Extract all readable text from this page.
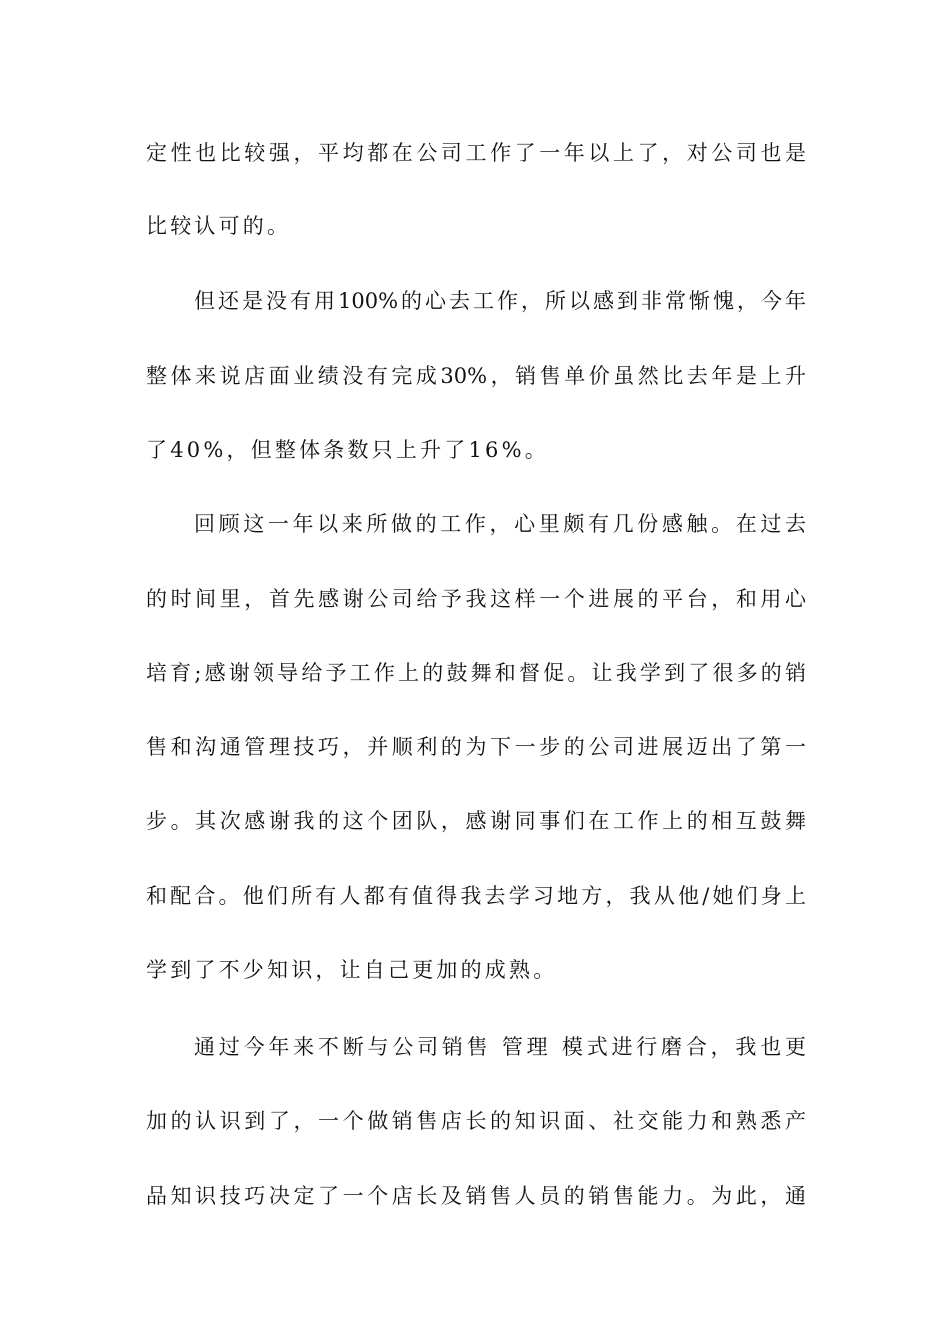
定性也比较强，平均都在公司工作了一年以上了，对公司也是
比较认可的。
但还是没有用100%的心去工作，所以感到非常惭愧，今年
整体来说店面业绩没有完成30%，销售单价虽然比去年是上升
了40%，但整体条数只上升了16%。
回顾这一年以来所做的工作，心里颇有几份感触。在过去
的时间里，首先感谢公司给予我这样一个进展的平台，和用心
培育;感谢领导给予工作上的鼓舞和督促。让我学到了很多的销
售和沟通管理技巧，并顺利的为下一步的公司进展迈出了第一
步。其次感谢我的这个团队，感谢同事们在工作上的相互鼓舞
和配合。他们所有人都有值得我去学习地方，我从他/她们身上
学到了不少知识，让自己更加的成熟。
通过今年来不断与公司销售 管理 模式进行磨合，我也更
加的认识到了，一个做销售店长的知识面、社交能力和熟悉产
品知识技巧决定了一个店长及销售人员的销售能力。为此，通
